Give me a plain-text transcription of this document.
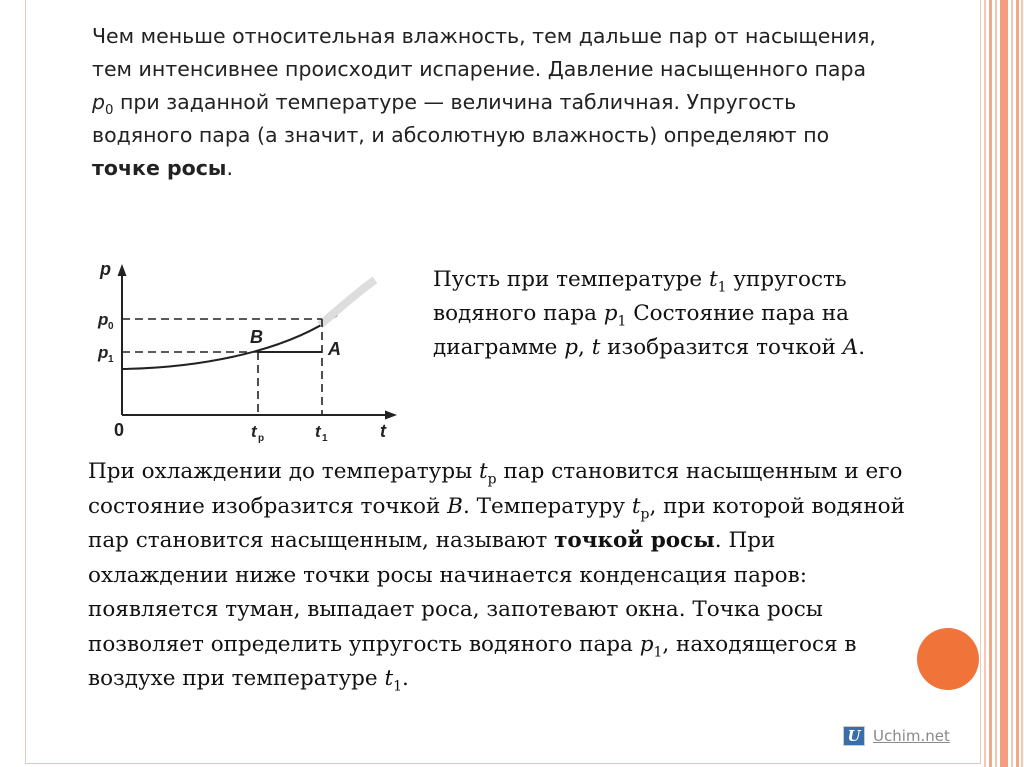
Чем меньше относительная влажность, тем дальше пар от насыщения, тем интенсивнее происходит испарение. Давление насыщенного пара $p_0$ при заданной температуре — величина табличная. Упругость водяного пара (а значит, и абсолютную влажность) определяют по точке росы.
p
p 0
p 1
0	t р	t 1	t
B
A
Пусть при температуре $t_1$ упругость водяного пара $p_1$ Состояние пара на диаграмме p, t изобразится точкой A.
При охлаждении до температуры $t_р$ пар становится насыщенным и его состояние изобразится точкой B. Температуру $t_р$, при которой водяной пар становится насыщенным, называют точкой росы. При охлаждении ниже точки росы начинается конденсация паров: появляется туман, выпадает роса, запотевают окна. Точка росы позволяет определить упругость водяного пара $p_1$, находящегося в воздухе при температуре $t_1$.
U Uchim.net
